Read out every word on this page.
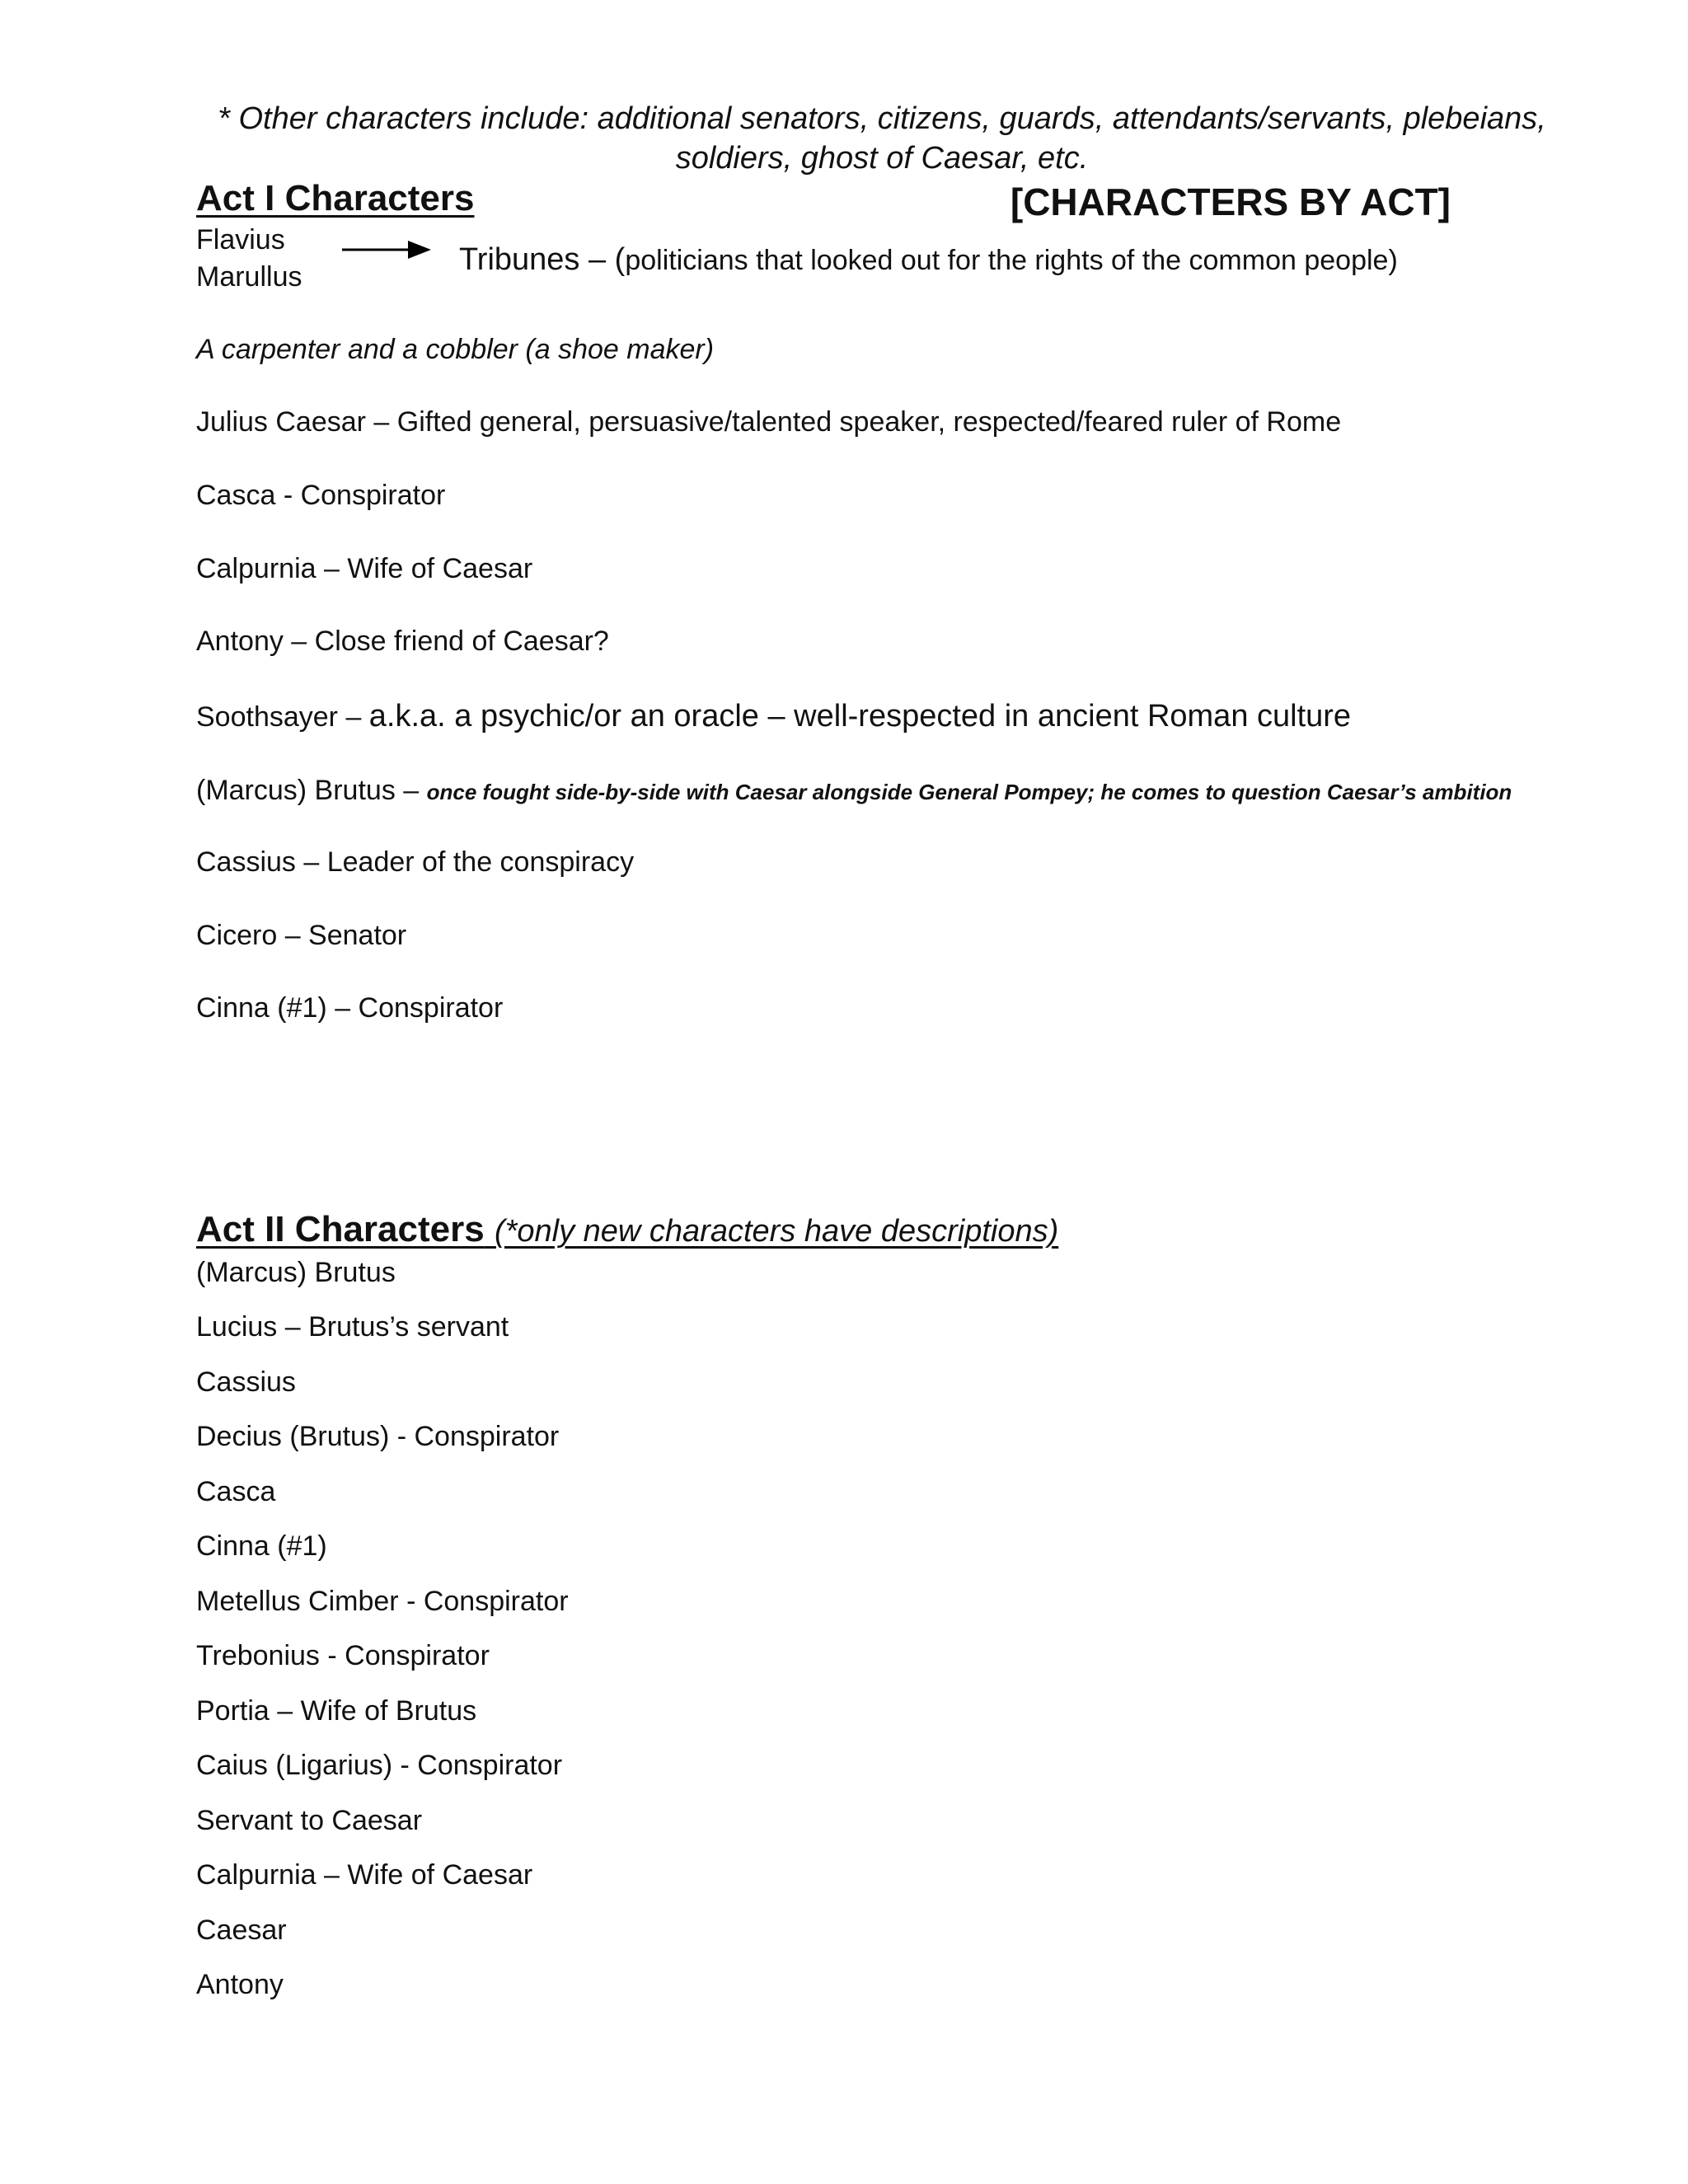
* Other characters include: additional senators, citizens, guards, attendants/servants, plebeians,
soldiers, ghost of Caesar, etc.
Act I Characters	[CHARACTERS BY ACT]
Flavius
Marullus	Tribunes – (politicians that looked out for the rights of the common people)
A carpenter and a cobbler (a shoe maker)
Julius Caesar – Gifted general, persuasive/talented speaker, respected/feared ruler of Rome
Casca - Conspirator
Calpurnia – Wife of Caesar
Antony – Close friend of Caesar?
Soothsayer – a.k.a. a psychic/or an oracle – well-respected in ancient Roman culture
(Marcus) Brutus – once fought side-by-side with Caesar alongside General Pompey; he comes to question Caesar’s ambition
Cassius – Leader of the conspiracy
Cicero – Senator
Cinna (#1) – Conspirator
Act II Characters (*only new characters have descriptions)
(Marcus) Brutus
Lucius – Brutus’s servant
Cassius
Decius (Brutus) - Conspirator
Casca
Cinna (#1)
Metellus Cimber - Conspirator
Trebonius - Conspirator
Portia – Wife of Brutus
Caius (Ligarius) - Conspirator
Servant to Caesar
Calpurnia – Wife of Caesar
Caesar
Antony
